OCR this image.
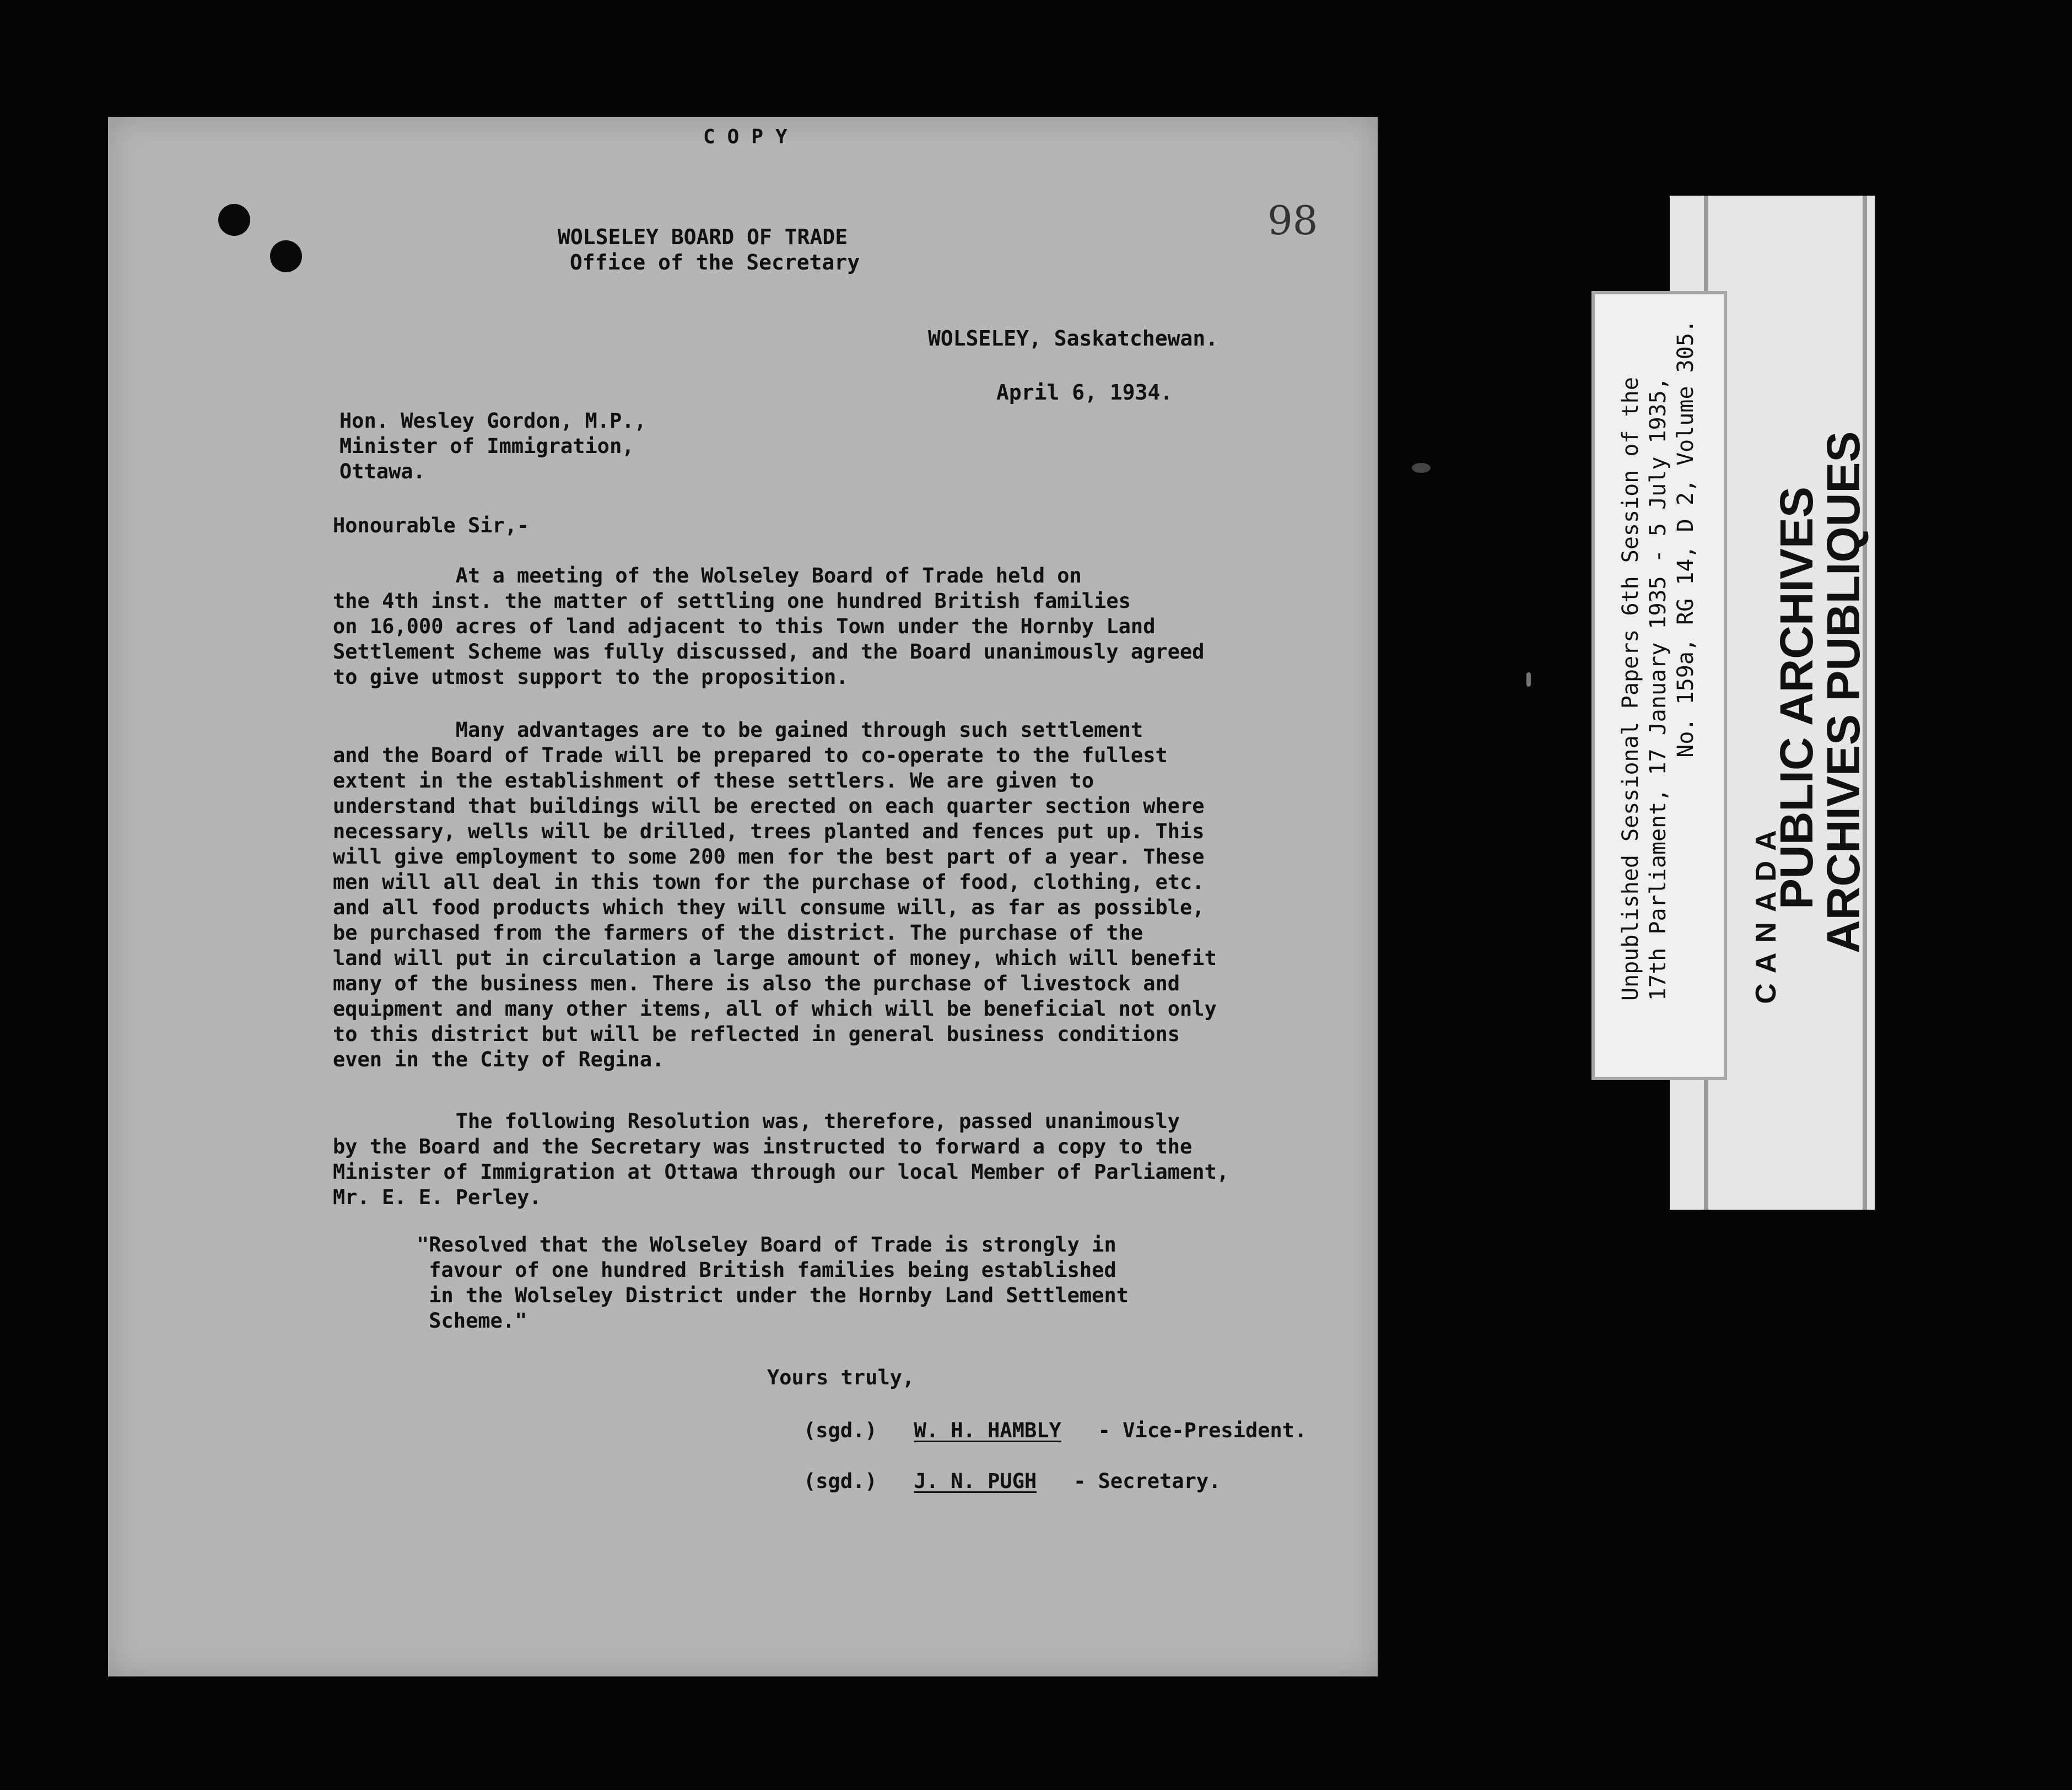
COPY
98
WOLSELEY BOARD OF TRADE
Office of the Secretary
WOLSELEY, Saskatchewan.
April 6, 1934.
Hon. Wesley Gordon, M.P.,
Minister of Immigration,
Ottawa.
Honourable Sir,-

At a meeting of the Wolseley Board of Trade held on

the 4th inst. the matter of settling one hundred British families

on 16,000 acres of land adjacent to this Town under the Hornby Land

Settlement Scheme was fully discussed, and the Board unanimously agreed

to give utmost support to the proposition.

Many advantages are to be gained through such settlement

and the Board of Trade will be prepared to co-operate to the fullest

extent in the establishment of these settlers. We are given to

understand that buildings will be erected on each quarter section where

necessary, wells will be drilled, trees planted and fences put up. This

will give employment to some 200 men for the best part of a year. These

men will all deal in this town for the purchase of food, clothing, etc.

and all food products which they will consume will, as far as possible,

be purchased from the farmers of the district. The purchase of the

land will put in circulation a large amount of money, which will benefit

many of the business men. There is also the purchase of livestock and

equipment and many other items, all of which will be beneficial not only

to this district but will be reflected in general business conditions

even in the City of Regina.

The following Resolution was, therefore, passed unanimously

by the Board and the Secretary was instructed to forward a copy to the

Minister of Immigration at Ottawa through our local Member of Parliament,

Mr. E. E. Perley.

"Resolved that the Wolseley Board of Trade is strongly in

favour of one hundred British families being established

in the Wolseley District under the Hornby Land Settlement

Scheme."

Yours truly,
(sgd.) W. H. HAMBLY - Vice-President.
(sgd.) J. N. PUGH - Secretary.
PUBLIC ARCHIVES
ARCHIVES PUBLIQUES
CANADA
Unpublished Sessional Papers 6th Session of the 17th Parliament, 17 January 1935 - 5 July 1935, No. 159a, RG 14, D 2, Volume 305.
